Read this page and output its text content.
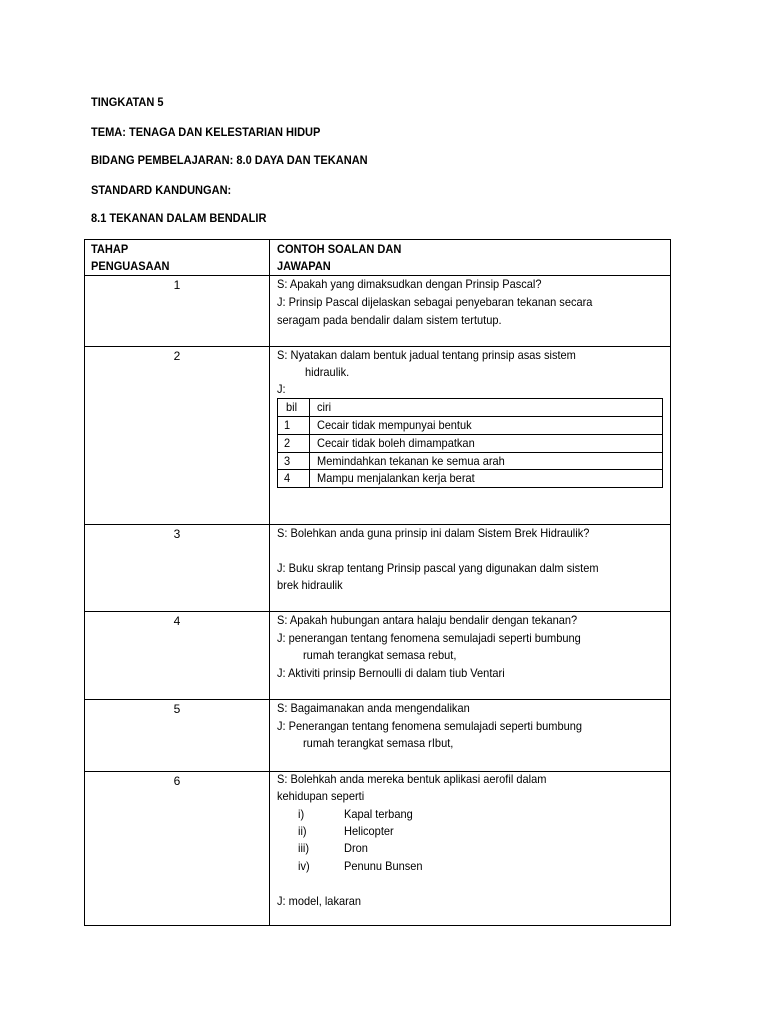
TINGKATAN 5
TEMA: TENAGA DAN KELESTARIAN HIDUP
BIDANG PEMBELAJARAN: 8.0 DAYA DAN TEKANAN
STANDARD KANDUNGAN:
8.1 TEKANAN DALAM BENDALIR
TAHAP
PENGUASAAN
CONTOH SOALAN DAN
JAWAPAN
1	S: Apakah yang dimaksudkan dengan Prinsip Pascal?
J: Prinsip Pascal dijelaskan sebagai penyebaran tekanan secara
seragam pada bendalir dalam sistem tertutup.
2	S: Nyatakan dalam bentuk jadual tentang prinsip asas sistem
hidraulik.
J:
bil ciri
1 Cecair tidak mempunyai bentuk
2 Cecair tidak boleh dimampatkan
3 Memindahkan tekanan ke semua arah
4 Mampu menjalankan kerja berat
3	S: Bolehkan anda guna prinsip ini dalam Sistem Brek Hidraulik?
J: Buku skrap tentang Prinsip pascal yang digunakan dalm sistem
brek hidraulik
4	S: Apakah hubungan antara halaju bendalir dengan tekanan?
J: penerangan tentang fenomena semulajadi seperti bumbung
rumah terangkat semasa rebut,
J: Aktiviti prinsip Bernoulli di dalam tiub Ventari
5	S: Bagaimanakan anda mengendalikan
J: Penerangan tentang fenomena semulajadi seperti bumbung
rumah terangkat semasa rIbut,
6	S: Bolehkah anda mereka bentuk aplikasi aerofil dalam
kehidupan seperti
i)	Kapal terbang
ii)	Helicopter
iii)	Dron
iv)	Penunu Bunsen
J: model, lakaran
